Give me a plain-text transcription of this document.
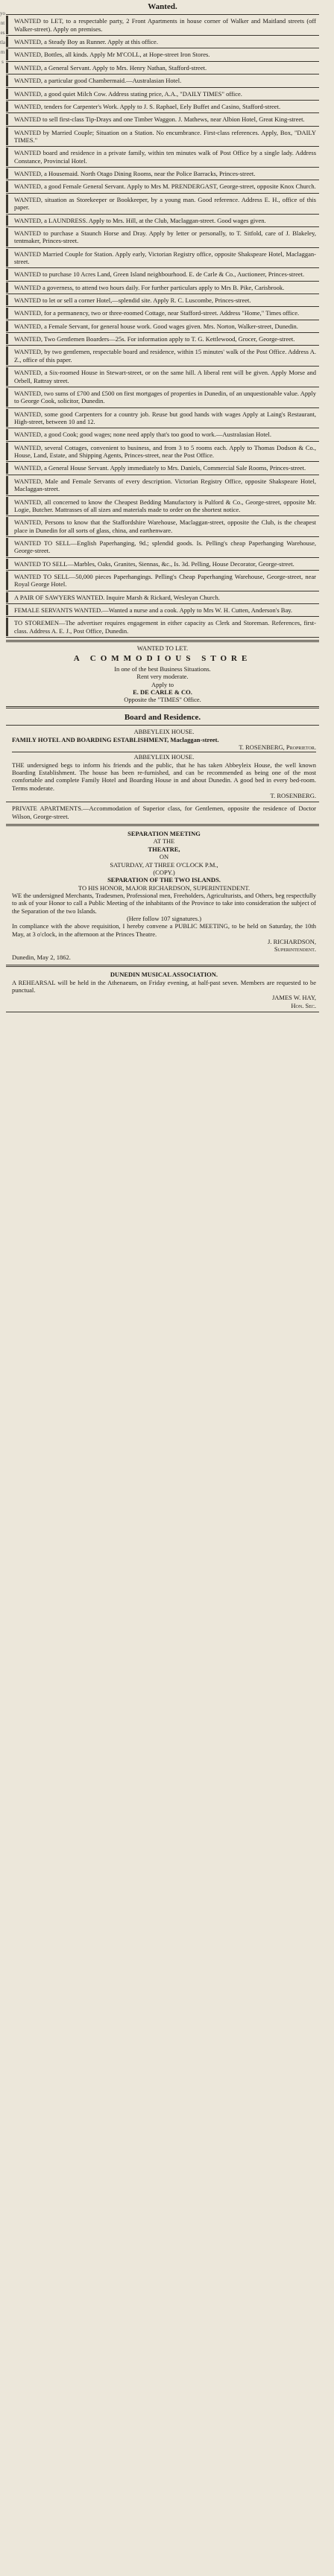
yontestlarns
Wanted.

WANTED to LET, to a respectable party, 2 Front Apartments in house corner of Walker and Maitland streets (off Walker-street). Apply on premises.

WANTED, a Steady Boy as Runner. Apply at this office.

WANTED, Bottles, all kinds. Apply Mr M'COLL, at Hope-street Iron Stores.

WANTED, a General Servant. Apply to Mrs. Henry Nathan, Stafford-street.

WANTED, a particular good Chambermaid.—Australasian Hotel.

WANTED, a good quiet Milch Cow. Address stating price, A.A., "DAILY TIMES" office.

WANTED, tenders for Carpenter's Work. Apply to J. S. Raphael, Eely Buffet and Casino, Stafford-street.

WANTED to sell first-class Tip-Drays and one Timber Waggon. J. Mathews, near Albion Hotel, Great King-street.

WANTED by Married Couple; Situation on a Station. No encumbrance. First-class references. Apply, Box, "DAILY TIMES."

WANTED board and residence in a private family, within ten minutes walk of Post Office by a single lady. Address Constance, Provincial Hotel.

WANTED, a Housemaid. North Otago Dining Rooms, near the Police Barracks, Princes-street.

WANTED, a good Female General Servant. Apply to Mrs M. PRENDERGAST, George-street, opposite Knox Church.

WANTED, situation as Storekeeper or Bookkeeper, by a young man. Good reference. Address E. H., office of this paper.

WANTED, a LAUNDRESS. Apply to Mrs. Hill, at the Club, Maclaggan-street. Good wages given.

WANTED to purchase a Staunch Horse and Dray. Apply by letter or personally, to T. Sitfold, care of J. Blakeley, tentmaker, Princes-street.

WANTED Married Couple for Station. Apply early, Victorian Registry office, opposite Shakspeare Hotel, Maclaggan-street.

WANTED to purchase 10 Acres Land, Green Island neighbourhood. E. de Carle & Co., Auctioneer, Princes-street.

WANTED a governess, to attend two hours daily. For further particulars apply to Mrs B. Pike, Carisbrook.

WANTED to let or sell a corner Hotel,—splendid site. Apply R. C. Luscombe, Princes-street.

WANTED, for a permanency, two or three-roomed Cottage, near Stafford-street. Address "Home," Times office.

WANTED, a Female Servant, for general house work. Good wages given. Mrs. Norton, Walker-street, Dunedin.

WANTED, Two Gentlemen Boarders—25s. For information apply to T. G. Kettlewood, Grocer, George-street.

WANTED, by two gentlemen, respectable board and residence, within 15 minutes' walk of the Post Office. Address A. Z., office of this paper.

WANTED, a Six-roomed House in Stewart-street, or on the same hill. A liberal rent will be given. Apply Morse and Orbell, Rattray street.

WANTED, two sums of £700 and £500 on first mortgages of properties in Dunedin, of an unquestionable value. Apply to George Cook, solicitor, Dunedin.

WANTED, some good Carpenters for a country job. Reuse but good hands with wages Apply at Laing's Restaurant, High-street, between 10 and 12.

WANTED, a good Cook; good wages; none need apply that's too good to work.—Australasian Hotel.

WANTED, several Cottages, convenient to business, and from 3 to 5 rooms each. Apply to Thomas Dodson & Co., House, Land, Estate, and Shipping Agents, Princes-street, near the Post Office.

WANTED, a General House Servant. Apply immediately to Mrs. Daniels, Commercial Sale Rooms, Princes-street.

WANTED, Male and Female Servants of every description. Victorian Registry Office, opposite Shakspeare Hotel, Maclaggan-street.

WANTED, all concerned to know the Cheapest Bedding Manufactory is Pulford & Co., George-street, opposite Mr. Logie, Butcher. Mattrasses of all sizes and materials made to order on the shortest notice.

WANTED, Persons to know that the Staffordshire Warehouse, Maclaggan-street, opposite the Club, is the cheapest place in Dunedin for all sorts of glass, china, and earthenware.

WANTED TO SELL—English Paperhanging, 9d.; splendid goods. Is. Pelling's cheap Paperhanging Warehouse, George-street.

WANTED TO SELL—Marbles, Oaks, Granites, Siennas, &c., Is. 3d. Pelling, House Decorator, George-street.

WANTED TO SELL—50,000 pieces Paperhangings. Pelling's Cheap Paperhanging Warehouse, George-street, near Royal George Hotel.

A PAIR OF SAWYERS WANTED. Inquire Marsh & Rickard, Wesleyan Church.

FEMALE SERVANTS WANTED.—Wanted a nurse and a cook. Apply to Mrs W. H. Cutten, Anderson's Bay.

TO STOREMEN—The advertiser requires engagement in either capacity as Clerk and Storeman. References, first-class. Address A. E. J., Post Office, Dunedin.

WANTED TO LET.
A COMMODIOUS STORE
In one of the best Business Situations.
Rent very moderate.
Apply to
E. DE CARLE & CO.
Opposite the "TIMES" Office.
Board and Residence.
ABBEYLEIX HOUSE.
FAMILY HOTEL AND BOARDING ESTABLISHMENT, Maclaggan-street.
T. ROSENBERG, Proprietor.
ABBEYLEIX HOUSE.

THE undersigned begs to inform his friends and the public, that he has taken Abbeyleix House, the well known Boarding Establishment. The house has been re-furnished, and can be recommended as being one of the most comfortable and complete Family Hotel and Boarding House in and about Dunedin. A good bed in every bed-room. Terms moderate.

T. ROSENBERG.

PRIVATE APARTMENTS.—Accommodation of Superior class, for Gentlemen, opposite the residence of Doctor Wilson, George-street.

SEPARATION MEETING
AT THE
THEATRE,
ON
SATURDAY, AT THREE O'CLOCK P.M.,
(COPY.)
SEPARATION OF THE TWO ISLANDS.
TO HIS HONOR, MAJOR RICHARDSON, SUPERINTENDENT.

WE the undersigned Merchants, Tradesmen, Professional men, Freeholders, Agriculturists, and Others, beg respectfully to ask of your Honor to call a Public Meeting of the inhabitants of the Province to take into consideration the subject of the Separation of the two Islands.

(Here follow 107 signatures.)

In compliance with the above requisition, I hereby convene a PUBLIC MEETING, to be held on Saturday, the 10th May, at 3 o'clock, in the afternoon at the Princes Theatre.

J. RICHARDSON,
Superintendent.
Dunedin, May 2, 1862.
DUNEDIN MUSICAL ASSOCIATION.

A REHEARSAL will be held in the Athenaeum, on Friday evening, at half-past seven. Members are requested to be punctual.

JAMES W. HAY,
Hon. Sec.
